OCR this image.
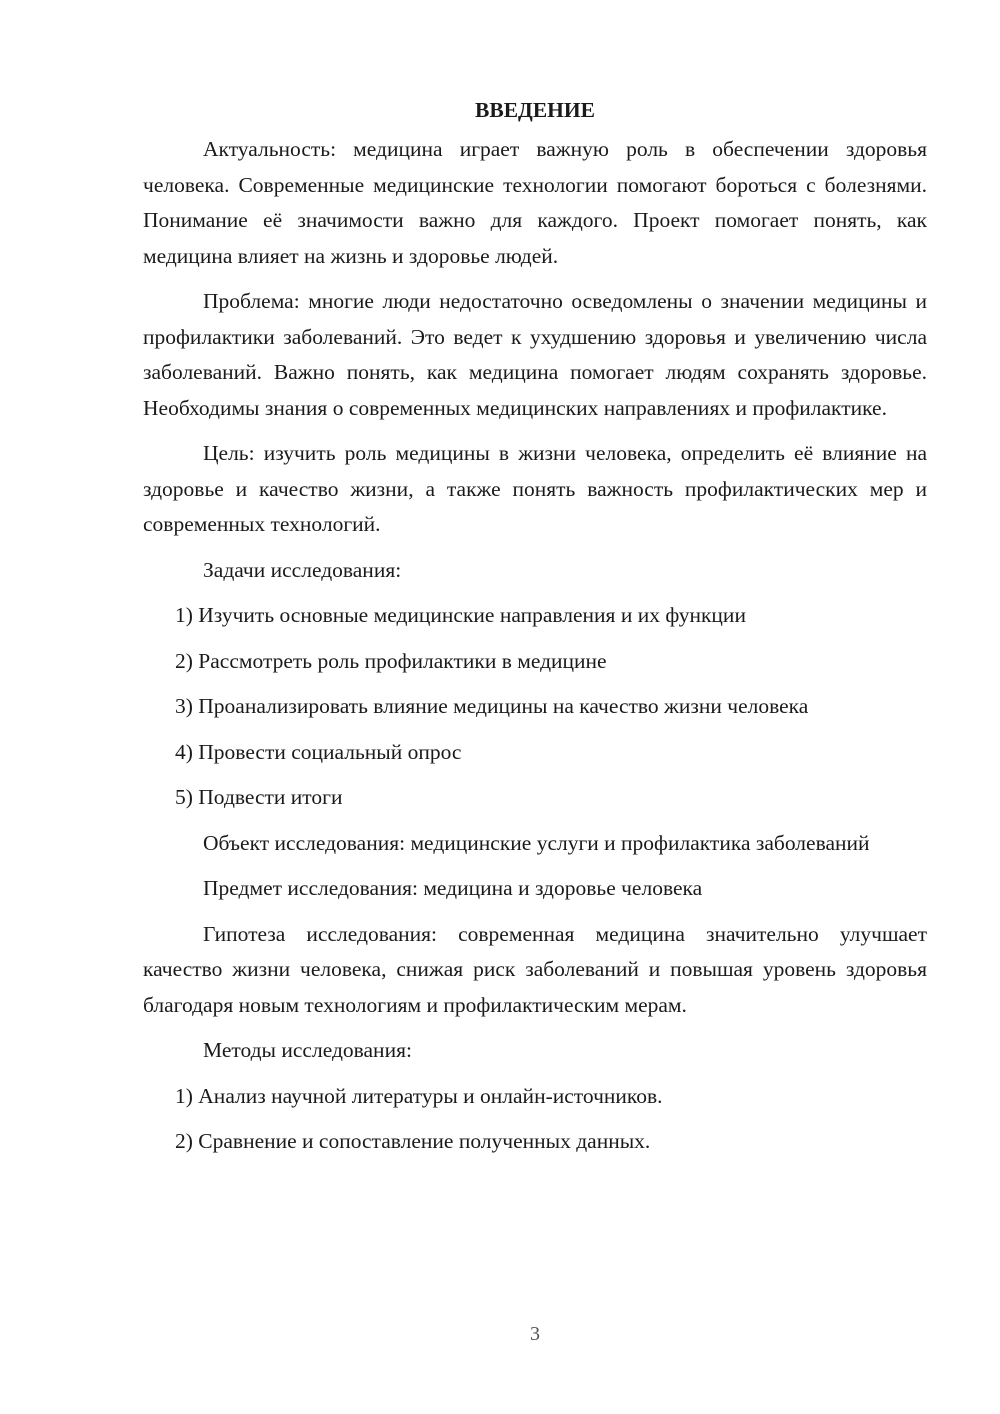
ВВЕДЕНИЕ

Актуальность: медицина играет важную роль в обеспечении здоровья человека. Современные медицинские технологии помогают бороться с болезнями. Понимание её значимости важно для каждого. Проект помогает понять, как медицина влияет на жизнь и здоровье людей.

Проблема: многие люди недостаточно осведомлены о значении медицины и профилактики заболеваний. Это ведет к ухудшению здоровья и увеличению числа заболеваний. Важно понять, как медицина помогает людям сохранять здоровье. Необходимы знания о современных медицинских направлениях и профилактике.

Цель: изучить роль медицины в жизни человека, определить её влияние на здоровье и качество жизни, а также понять важность профилактических мер и современных технологий.

Задачи исследования:

1) Изучить основные медицинские направления и их функции

2) Рассмотреть роль профилактики в медицине

3) Проанализировать влияние медицины на качество жизни человека

4) Провести социальный опрос

5) Подвести итоги

Объект исследования: медицинские услуги и профилактика заболеваний

Предмет исследования: медицина и здоровье человека

Гипотеза исследования: современная медицина значительно улучшает качество жизни человека, снижая риск заболеваний и повышая уровень здоровья благодаря новым технологиям и профилактическим мерам.

Методы исследования:

1) Анализ научной литературы и онлайн-источников.

2) Сравнение и сопоставление полученных данных.

3
